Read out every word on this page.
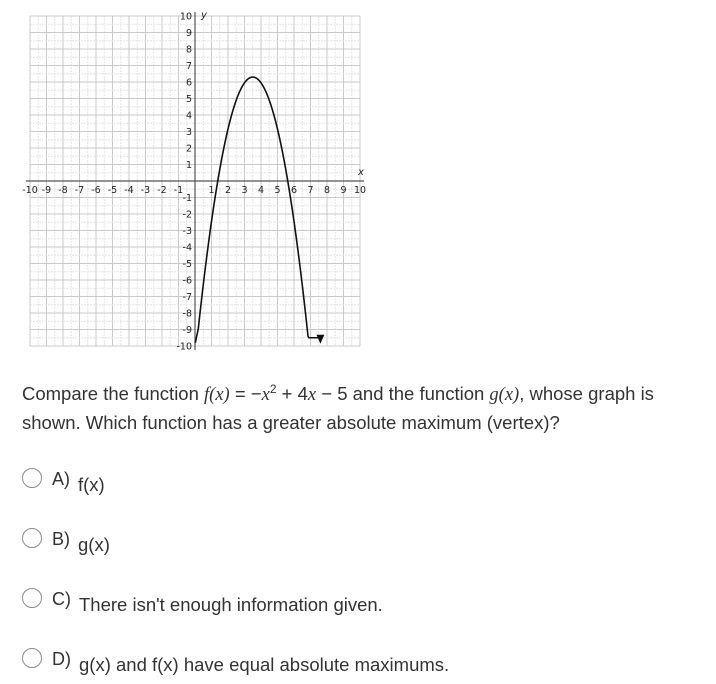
-10 -9 -8 -7 -6 -5 -4 -3 -2 -1	1 2 3 4 5 6 7 8 9 10
10
9
8
7
6
5
4
3
2
1
-1
-2
-3
-4
-5
-6
-7
-8
-9
-10
x
y
Compare the function $f(x) = -x^2 + 4x - 5$ and the function g(x), whose graph is shown. Which function has a greater absolute maximum (vertex)?
A) f(x)
B) g(x)
C) There isn't enough information given.
D) g(x) and f(x) have equal absolute maximums.
